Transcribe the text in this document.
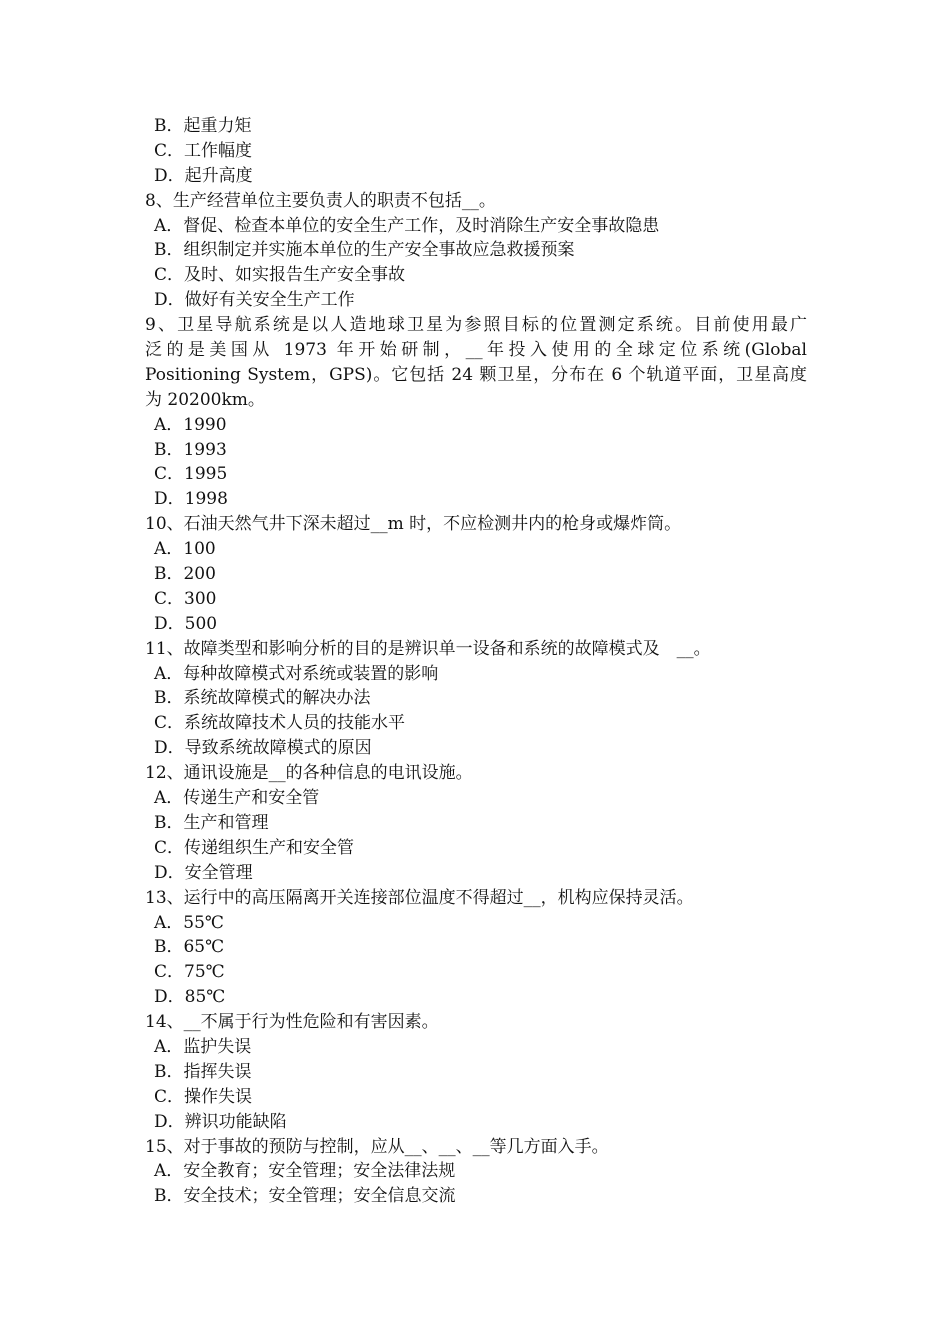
B．起重力矩
C．工作幅度
D．起升高度
8、生产经营单位主要负责人的职责不包括__。
A．督促、检查本单位的安全生产工作，及时消除生产安全事故隐患
B．组织制定并实施本单位的生产安全事故应急救援预案
C．及时、如实报告生产安全事故
D．做好有关安全生产工作
9、卫星导航系统是以人造地球卫星为参照目标的位置测定系统。目前使用最广
泛的是美国从 1973 年开始研制，__年投入使用的全球定位系统(Global
Positioning System，GPS)。它包括 24 颗卫星，分布在 6 个轨道平面，卫星高度
为 20200km。
A．1990
B．1993
C．1995
D．1998
10、石油天然气井下深未超过__m 时，不应检测井内的枪身或爆炸筒。
A．100
B．200
C．300
D．500
11、故障类型和影响分析的目的是辨识单一设备和系统的故障模式及　__。
A．每种故障模式对系统或装置的影响
B．系统故障模式的解决办法
C．系统故障技术人员的技能水平
D．导致系统故障模式的原因
12、通讯设施是__的各种信息的电讯设施。
A．传递生产和安全管
B．生产和管理
C．传递组织生产和安全管
D．安全管理
13、运行中的高压隔离开关连接部位温度不得超过__，机构应保持灵活。
A．55℃
B．65℃
C．75℃
D．85℃
14、__不属于行为性危险和有害因素。
A．监护失误
B．指挥失误
C．操作失误
D．辨识功能缺陷
15、对于事故的预防与控制，应从__、__、__等几方面入手。
A．安全教育；安全管理；安全法律法规
B．安全技术；安全管理；安全信息交流
